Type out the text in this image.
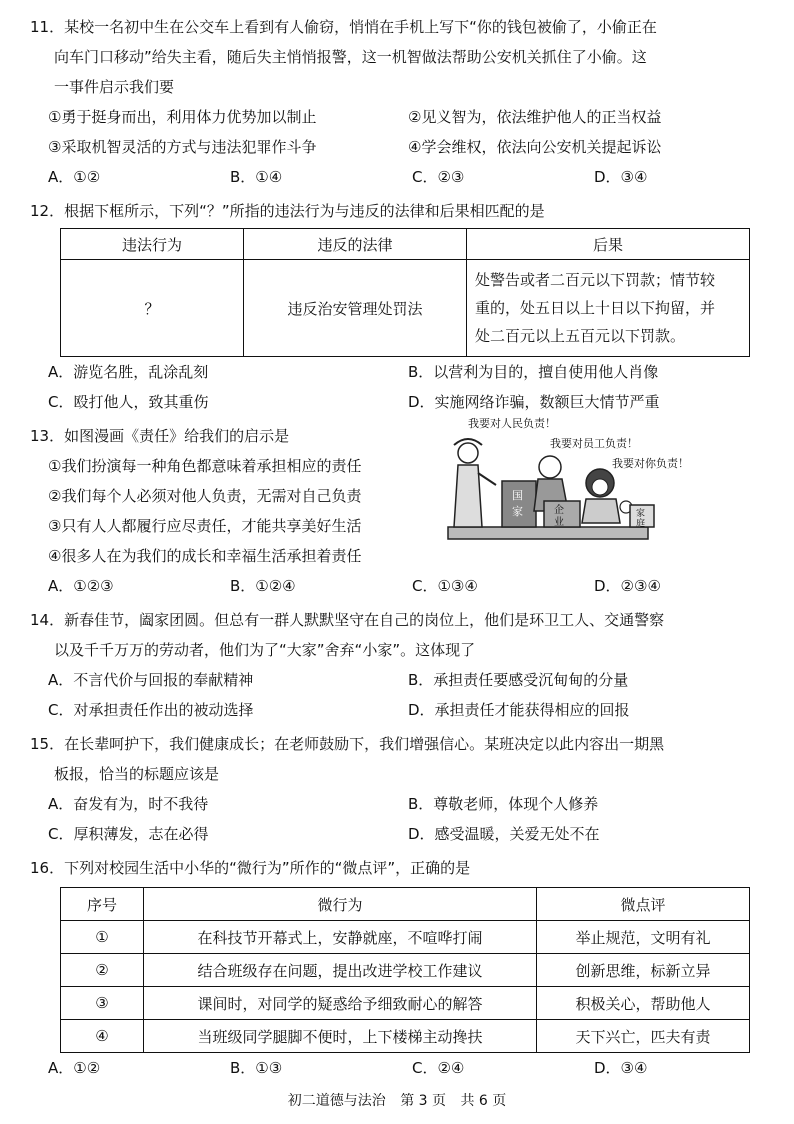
11．某校一名初中生在公交车上看到有人偷窃，悄悄在手机上写下“你的钱包被偷了，小偷正在
向车门口移动”给失主看，随后失主悄悄报警，这一机智做法帮助公安机关抓住了小偷。这
一事件启示我们要
①勇于挺身而出，利用体力优势加以制止	②见义智为，依法维护他人的正当权益
③采取机智灵活的方式与违法犯罪作斗争	④学会维权，依法向公安机关提起诉讼
A．①②	B．①④	C．②③	D．③④
12．根据下框所示，下列“？”所指的违法行为与违反的法律和后果相匹配的是
违法行为	违反的法律	后果
？	违反治安管理处罚法	处警告或者二百元以下罚款；情节较
重的，处五日以上十日以下拘留，并
处二百元以上五百元以下罚款。
A．游览名胜，乱涂乱刻	B．以营利为目的，擅自使用他人肖像
C．殴打他人，致其重伤	D．实施网络诈骗，数额巨大情节严重
13．如图漫画《责任》给我们的启示是
①我们扮演每一种角色都意味着承担相应的责任
②我们每个人必须对他人负责，无需对自己负责
③只有人人都履行应尽责任，才能共享美好生活
④很多人在为我们的成长和幸福生活承担着责任
我要对人民负责！
我要对员工负责！
我要对你负责！
国
家	企
业
家
庭
A．①②③	B．①②④	C．①③④	D．②③④
14．新春佳节，阖家团圆。但总有一群人默默坚守在自己的岗位上，他们是环卫工人、交通警察
以及千千万万的劳动者，他们为了“大家”舍弃“小家”。这体现了
A．不言代价与回报的奉献精神	B．承担责任要感受沉甸甸的分量
C．对承担责任作出的被动选择	D．承担责任才能获得相应的回报
15．在长辈呵护下，我们健康成长；在老师鼓励下，我们增强信心。某班决定以此内容出一期黑
板报，恰当的标题应该是
A．奋发有为，时不我待	B．尊敬老师，体现个人修养
C．厚积薄发，志在必得	D．感受温暖，关爱无处不在
16．下列对校园生活中小华的“微行为”所作的“微点评”，正确的是
序号	微行为	微点评
①	在科技节开幕式上，安静就座，不喧哗打闹	举止规范，文明有礼
②	结合班级存在问题，提出改进学校工作建议	创新思维，标新立异
③	课间时，对同学的疑惑给予细致耐心的解答	积极关心，帮助他人
④	当班级同学腿脚不便时，上下楼梯主动搀扶	天下兴亡，匹夫有责
A．①②	B．①③	C．②④	D．③④
初二道德与法治 第 3 页 共 6 页
